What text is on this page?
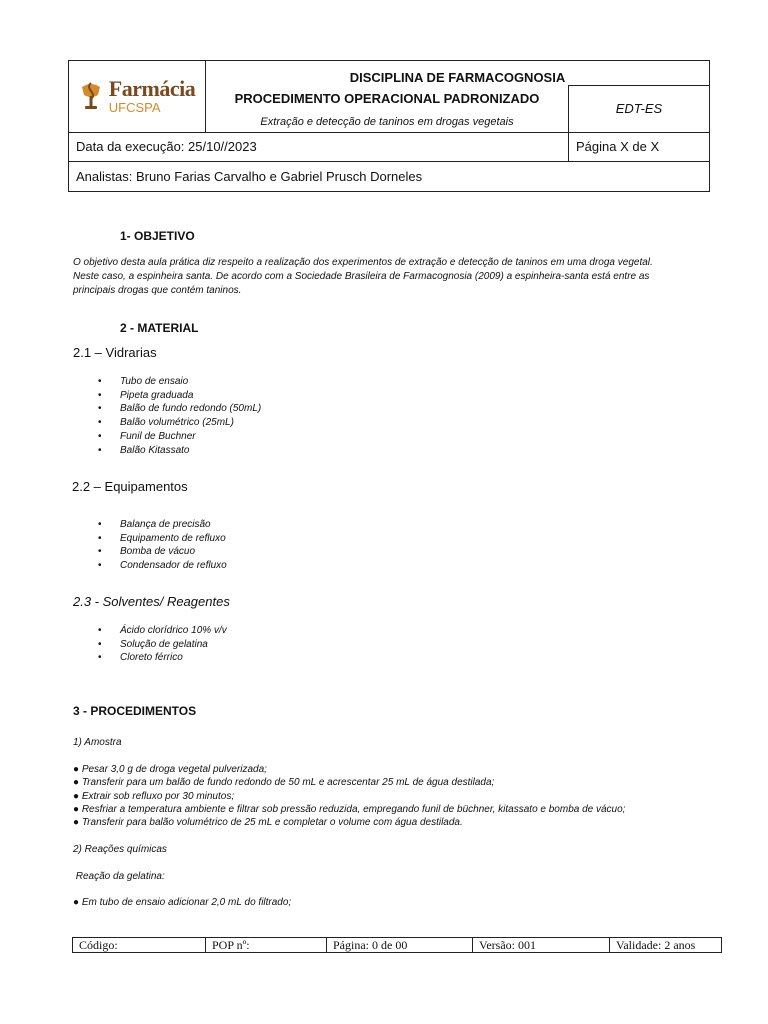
Farmácia
UFCSPA	DISCIPLINA DE FARMACOGNOSIA	
	PROCEDIMENTO OPERACIONAL PADRONIZADO	EDT-ES
	Extração e detecção de taninos em drogas vegetais	
Data da execução: 25/10//2023		Página X de X
Analistas: Bruno Farias Carvalho e Gabriel Prusch Dorneles		
1- OBJETIVO
O objetivo desta aula prática diz respeito a realização dos experimentos de extração e detecção de taninos em uma droga vegetal.
Neste caso, a espinheira santa. De acordo com a Sociedade Brasileira de Farmacognosia (2009) a espinheira-santa está entre as
principais drogas que contém taninos.
2 - MATERIAL
2.1 – Vidrarias
• Tubo de ensaio
• Pipeta graduada
• Balão de fundo redondo (50mL)
• Balão volumétrico (25mL)
• Funil de Buchner
• Balão Kitassato
2.2 – Equipamentos
• Balança de precisão
• Equipamento de refluxo
• Bomba de vácuo
• Condensador de refluxo
2.3 - Solventes/ Reagentes
• Ácido clorídrico 10% v/v
• Solução de gelatina
• Cloreto férrico
3 - PROCEDIMENTOS
1) Amostra
● Pesar 3,0 g de droga vegetal pulverizada;
● Transferir para um balão de fundo redondo de 50 mL e acrescentar 25 mL de água destilada;
● Extrair sob refluxo por 30 minutos;
● Resfriar a temperatura ambiente e filtrar sob pressão reduzida, empregando funil de büchner, kitassato e bomba de vácuo;
● Transferir para balão volumétrico de 25 mL e completar o volume com água destilada.
2) Reações químicas
Reação da gelatina:
● Em tubo de ensaio adicionar 2,0 mL do filtrado;
Código:	POP nº:	Página: 0 de 00	Versão: 001	Validade: 2 anos
